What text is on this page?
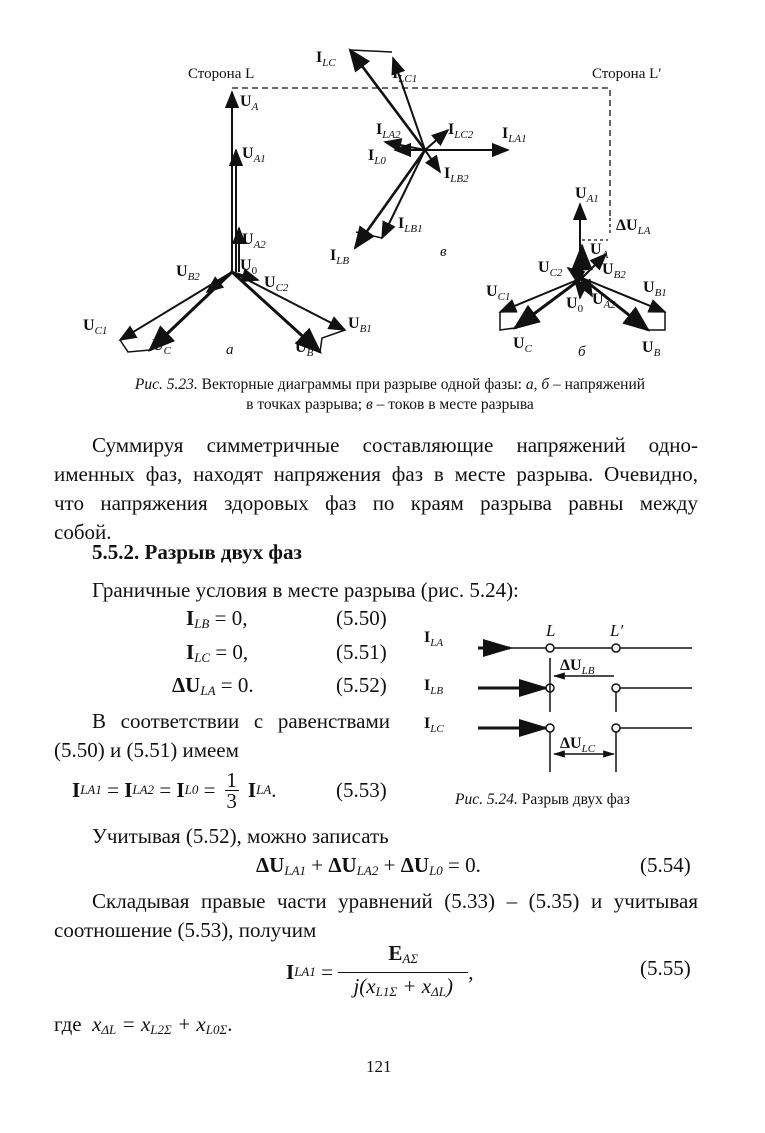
Сторона L	Сторона L′
$U_A$
$U_{A1}$
$U_{A2}$
$U_0$
$U_{C2}$
$U_{B2}$
$U_{C1}$
$U_C$	$U_B$
$U_{B1}$
а
$I_{LC}$
$I_{LC1}$
$I_{LA2}$	$I_{LC2}$ $I_{LA1}$
$I_{L0}$
$I_{LB2}$
$I_{LB1}$
$I_{LB}$
в
$U_{A1}$
$\Delta U_{LA}$
$U_A$
$U_{C2}$ $U_{B2}$
$U_{C1}$
$U_{B1}$
$U_0$
$U_{A2}$
$U_C$	$U_B$
б
Рис. 5.23. Векторные диаграммы при разрыве одной фазы: а, б – напряжений
в точках разрыва; в – токов в месте разрыва
Суммируя симметричные составляющие напряжений одно-
именных фаз, находят напряжения фаз в месте разрыва. Очевидно,
что напряжения здоровых фаз по краям разрыва равны между
собой.
5.5.2. Разрыв двух фаз
Граничные условия в месте разрыва (рис. 5.24):
$I_{LB} = 0$,	(5.50)
$I_{LC} = 0$,	(5.51)
$\Delta U_{LA} = 0$.	(5.52)
В соответствии с равенствами
(5.50) и (5.51) имеем
I LA1 = I LA2 = I L0 = 1
3
I LA .	(5.53)
L	L′
$I_{LA}$
$I_{LB}$
$I_{LC}$
$\Delta U_{LB}$
$\Delta U_{LC}$
Рис. 5.24. Разрыв двух фаз
Учитывая (5.52), можно записать
$\Delta U_{LA1} + \Delta U_{LA2} + \Delta U_{L0} = 0$.	(5.54)
Складывая правые части уравнений (5.33) – (5.35) и учитывая
соотношение (5.53), получим
I LA1 =
$E_{A\Sigma}$
$j(x_{L1\Sigma} + x_{\Delta L})$
,	(5.55)
где $x_{\Delta L} = x_{L2\Sigma} + x_{L0\Sigma}$.
121
